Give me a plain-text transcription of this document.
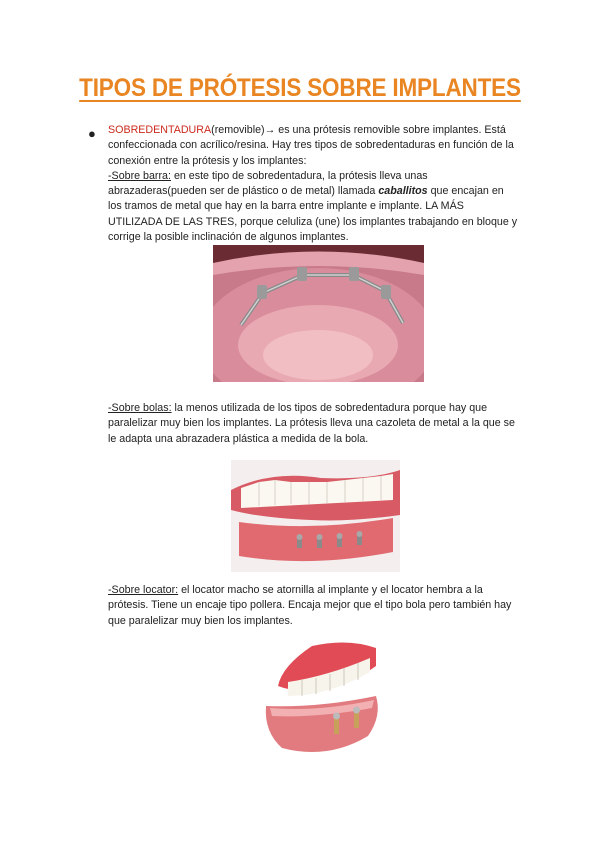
TIPOS DE PRÓTESIS SOBRE IMPLANTES
● SOBREDENTADURA(removible)→ es una prótesis removible sobre implantes. Está confeccionada con acrílico/resina. Hay tres tipos de sobredentaduras en función de la conexión entre la prótesis y los implantes:
-Sobre barra: en este tipo de sobredentadura, la prótesis lleva unas abrazaderas(pueden ser de plástico o de metal) llamada caballitos que encajan en los tramos de metal que hay en la barra entre implante e implante. LA MÁS UTILIZADA DE LAS TRES, porque celuliza (une) los implantes trabajando en bloque y corrige la posible inclinación de algunos implantes.
-Sobre bolas: la menos utilizada de los tipos de sobredentadura porque hay que paralelizar muy bien los implantes. La prótesis lleva una cazoleta de metal a la que se le adapta una abrazadera plástica a medida de la bola.
-Sobre locator: el locator macho se atornilla al implante y el locator hembra a la prótesis. Tiene un encaje tipo pollera. Encaja mejor que el tipo bola pero también hay que paralelizar muy bien los implantes.
